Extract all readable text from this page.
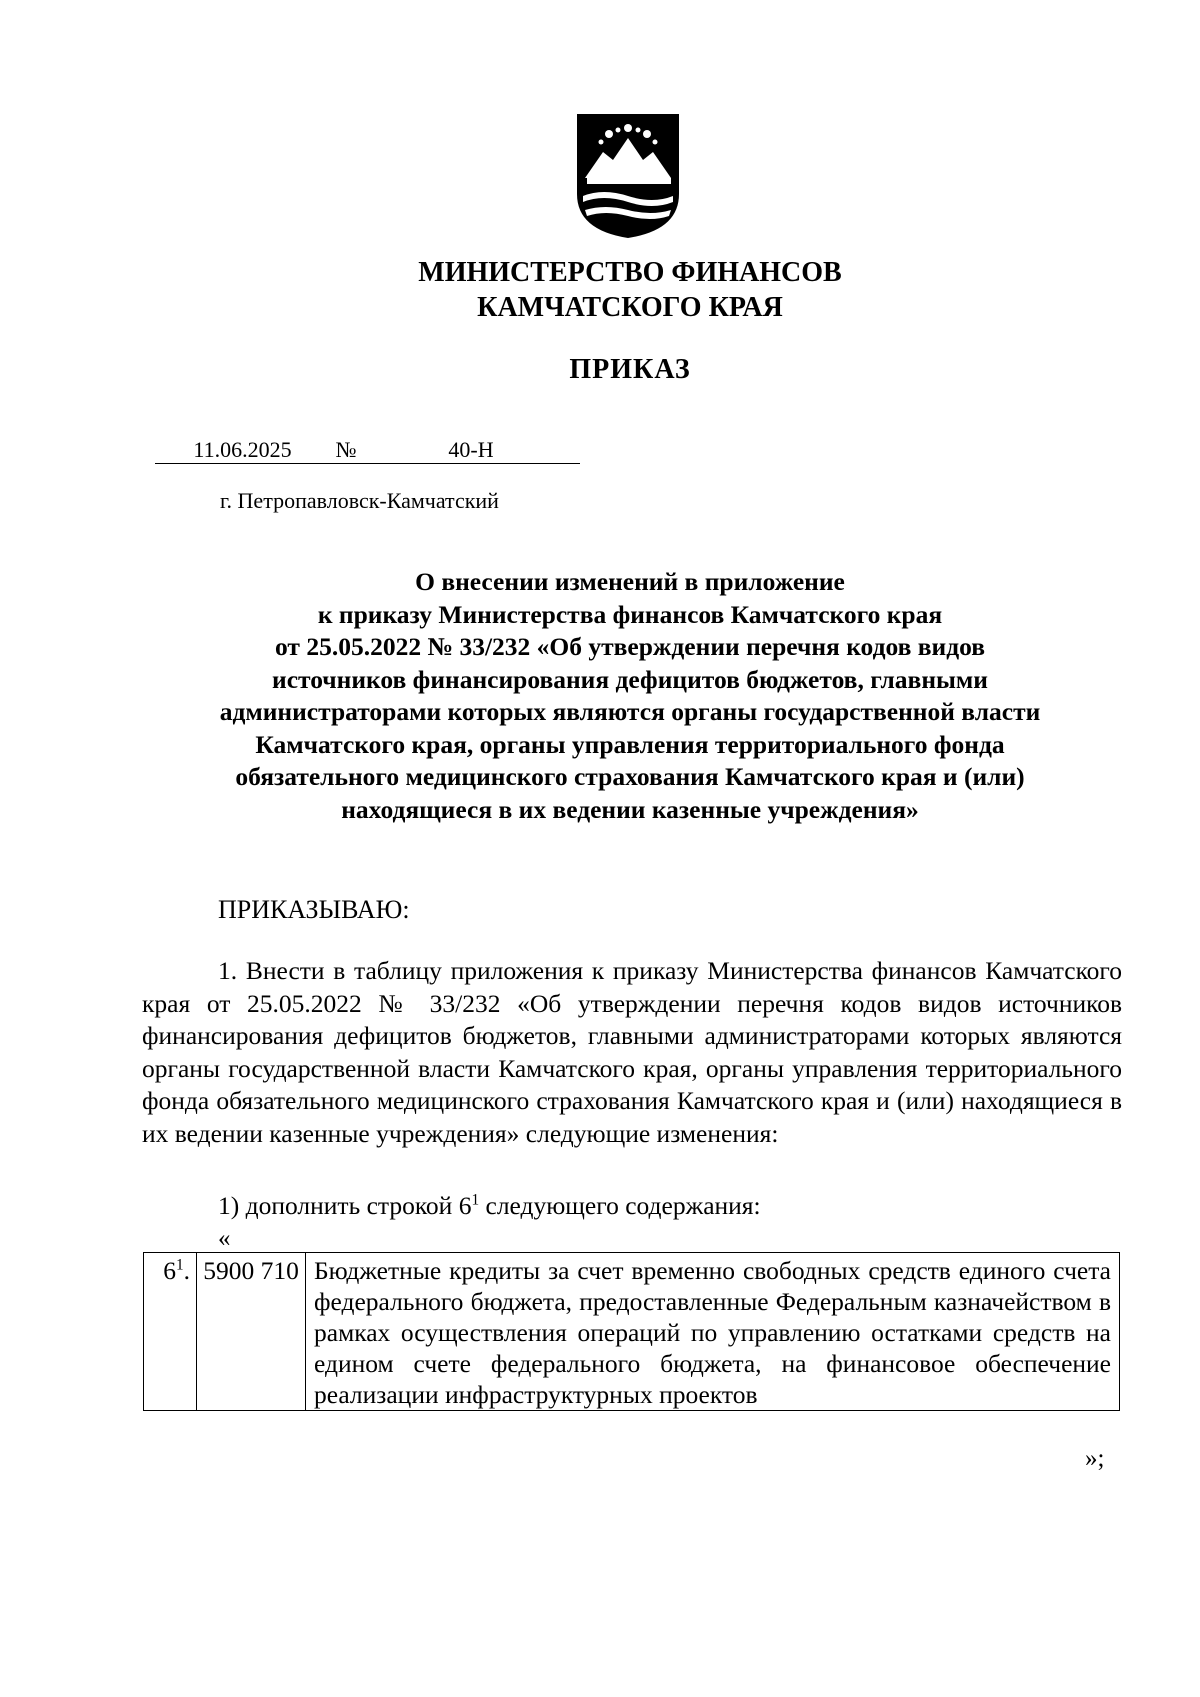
МИНИСТЕРСТВО ФИНАНСОВ
КАМЧАТСКОГО КРАЯ
ПРИКАЗ
11.06.2025	№	40-Н
г. Петропавловск-Камчатский
О внесении изменений в приложение
к приказу Министерства финансов Камчатского края
от 25.05.2022 № 33/232 «Об утверждении перечня кодов видов
источников финансирования дефицитов бюджетов, главными
администраторами которых являются органы государственной власти
Камчатского края, органы управления территориального фонда
обязательного медицинского страхования Камчатского края и (или)
находящиеся в их ведении казенные учреждения»
ПРИКАЗЫВАЮ:
1. Внести в таблицу приложения к приказу Министерства финансов Камчатского края от 25.05.2022 № 33/232 «Об утверждении перечня кодов видов источников финансирования дефицитов бюджетов, главными администраторами которых являются органы государственной власти Камчатского края, органы управления территориального фонда обязательного медицинского страхования Камчатского края и (или) находящиеся в их ведении казенные учреждения» следующие изменения:
1) дополнить строкой $6^1$ следующего содержания:
«
$6^1$.	5900 710	Бюджетные кредиты за счет временно свободных средств единого счета федерального бюджета, предоставленные Федеральным казначейством в рамках осуществления операций по управлению остатками средств на едином счете федерального бюджета, на финансовое обеспечение реализации инфраструктурных проектов
»;
